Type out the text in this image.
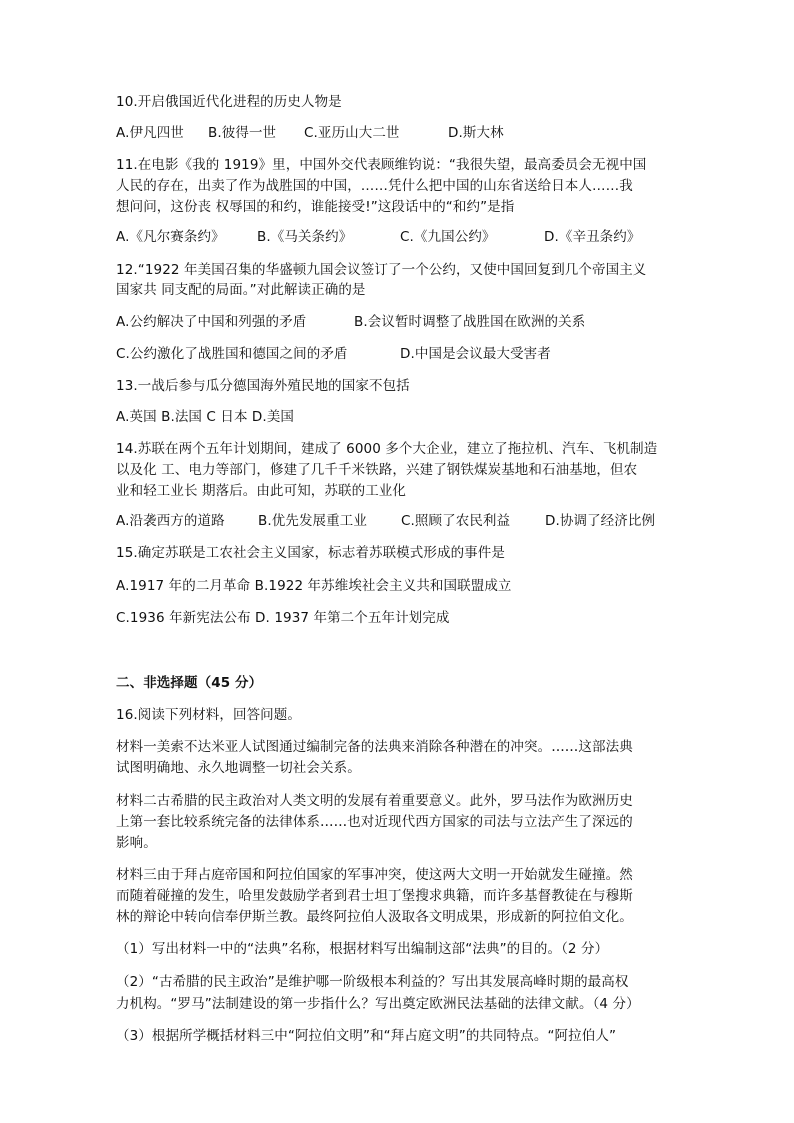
10.开启俄国近代化进程的历史人物是
A.伊凡四世 B.彼得一世 C.亚历山大二世	D.斯大林
11.在电影《我的 1919》里，中国外交代表顾维钧说：“我很失望，最高委员会无视中国
人民的存在，出卖了作为战胜国的中国，……凭什么把中国的山东省送给日本人……我
想问问，这份丧 权辱国的和约，谁能接受!”这段话中的“和约”是指
A.《凡尔赛条约》 B.《马关条约》	C.《九国公约》	D.《辛丑条约》
12.“1922 年美国召集的华盛顿九国会议签订了一个公约，又使中国回复到几个帝国主义
国家共 同支配的局面。”对此解读正确的是
A.公约解决了中国和列强的矛盾	B.会议暂时调整了战胜国在欧洲的关系
C.公约激化了战胜国和德国之间的矛盾	D.中国是会议最大受害者
13.一战后参与瓜分德国海外殖民地的国家不包括
A.英国 B.法国 C 日本 D.美国
14.苏联在两个五年计划期间，建成了 6000 多个大企业，建立了拖拉机、汽车、飞机制造
以及化 工、电力等部门，修建了几千千米铁路，兴建了钢铁煤炭基地和石油基地，但农
业和轻工业长 期落后。由此可知，苏联的工业化
A.沿袭西方的道路 B.优先发展重工业	C.照顾了农民利益	D.协调了经济比例
15.确定苏联是工农社会主义国家，标志着苏联模式形成的事件是
A.1917 年的二月革命 B.1922 年苏维埃社会主义共和国联盟成立
C.1936 年新宪法公布 D. 1937 年第二个五年计划完成
二、非选择题（45 分）
16.阅读下列材料，回答问题。
材料一美索不达米亚人试图通过编制完备的法典来消除各种潜在的冲突。……这部法典
试图明确地、永久地调整一切社会关系。
材料二古希腊的民主政治对人类文明的发展有着重要意义。此外，罗马法作为欧洲历史
上第一套比较系统完备的法律体系……也对近现代西方国家的司法与立法产生了深远的
影响。
材料三由于拜占庭帝国和阿拉伯国家的军事冲突，使这两大文明一开始就发生碰撞。然
而随着碰撞的发生，哈里发鼓励学者到君士坦丁堡搜求典籍，而许多基督教徒在与穆斯
林的辩论中转向信奉伊斯兰教。最终阿拉伯人汲取各文明成果，形成新的阿拉伯文化。
（1）写出材料一中的“法典”名称，根据材料写出编制这部“法典”的目的。（2 分）
（2）“古希腊的民主政治”是维护哪一阶级根本利益的？写出其发展高峰时期的最高权
力机构。“罗马”法制建设的第一步指什么？写出奠定欧洲民法基础的法律文献。（4 分）
（3）根据所学概括材料三中“阿拉伯文明”和“拜占庭文明”的共同特点。“阿拉伯人”
